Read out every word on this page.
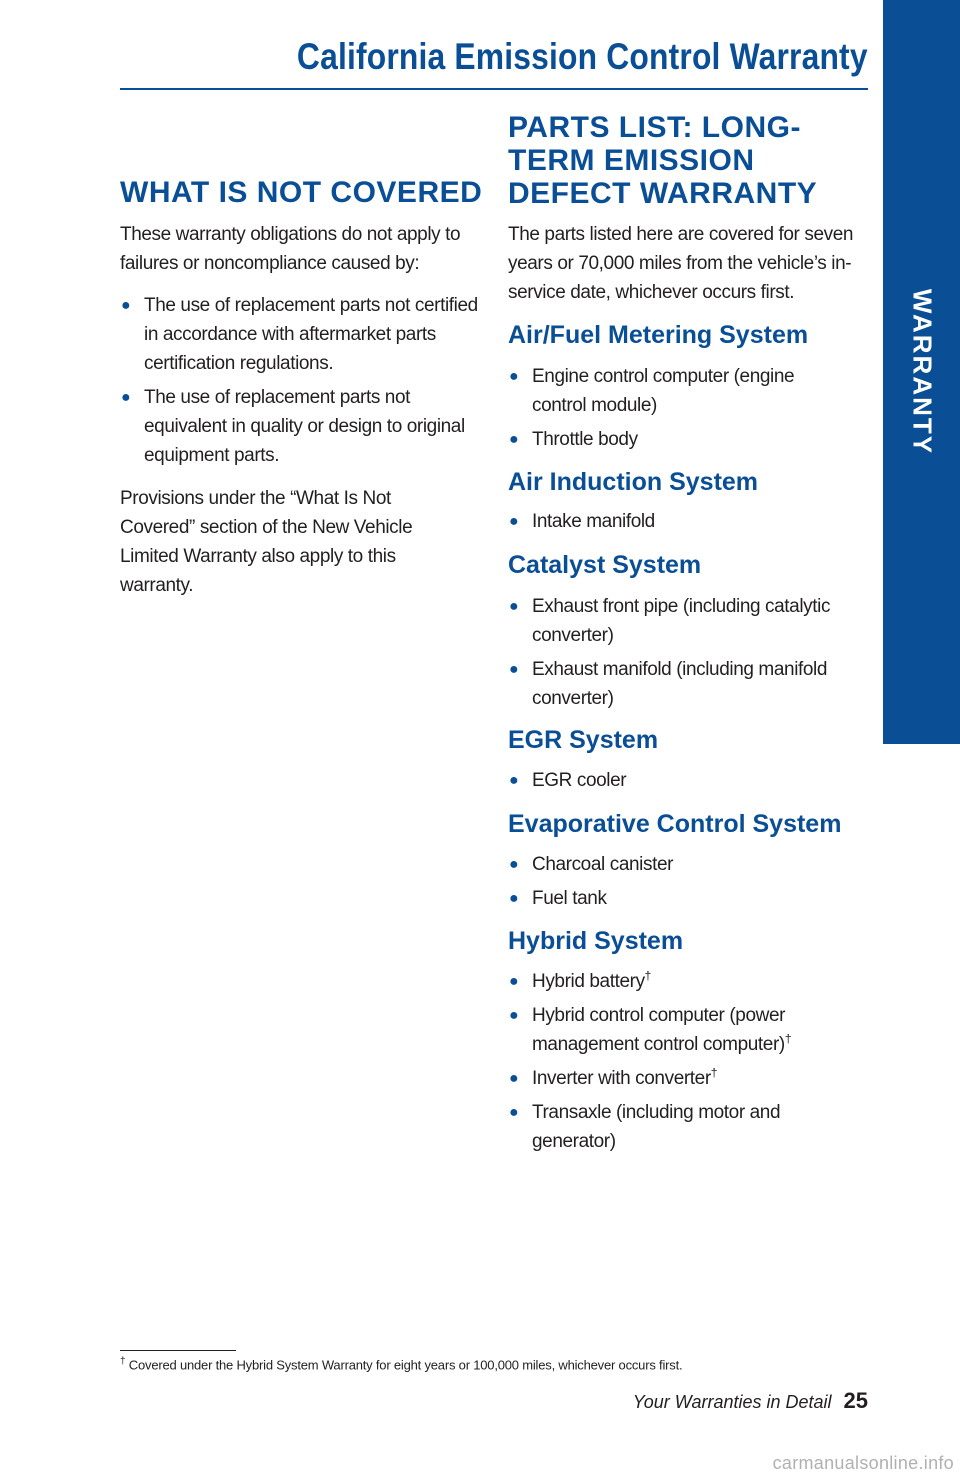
WARRANTY
California Emission Control Warranty
WHAT IS NOT COVERED

These warranty obligations do not apply to failures or noncompliance caused by:

● The use of replacement parts not certified in accordance with aftermarket parts certification regulations.
● The use of replacement parts not equivalent in quality or design to original equipment parts.

Provisions under the “What Is Not Covered” section of the New Vehicle Limited Warranty also apply to this warranty.

PARTS LIST: LONG-TERM EMISSION DEFECT WARRANTY

The parts listed here are covered for seven years or 70,000 miles from the vehicle’s in-service date, whichever occurs first.

Air/Fuel Metering System
● Engine control computer (engine control module)
● Throttle body
Air Induction System
● Intake manifold
Catalyst System
● Exhaust front pipe (including catalytic converter)
● Exhaust manifold (including manifold converter)
EGR System
● EGR cooler
Evaporative Control System
● Charcoal canister
● Fuel tank
Hybrid System
● Hybrid battery†
● Hybrid control computer (power management control computer)†
● Inverter with converter†
● Transaxle (including motor and generator)
† Covered under the Hybrid System Warranty for eight years or 100,000 miles, whichever occurs first.
Your Warranties in Detail 25
carmanualsonline.info
